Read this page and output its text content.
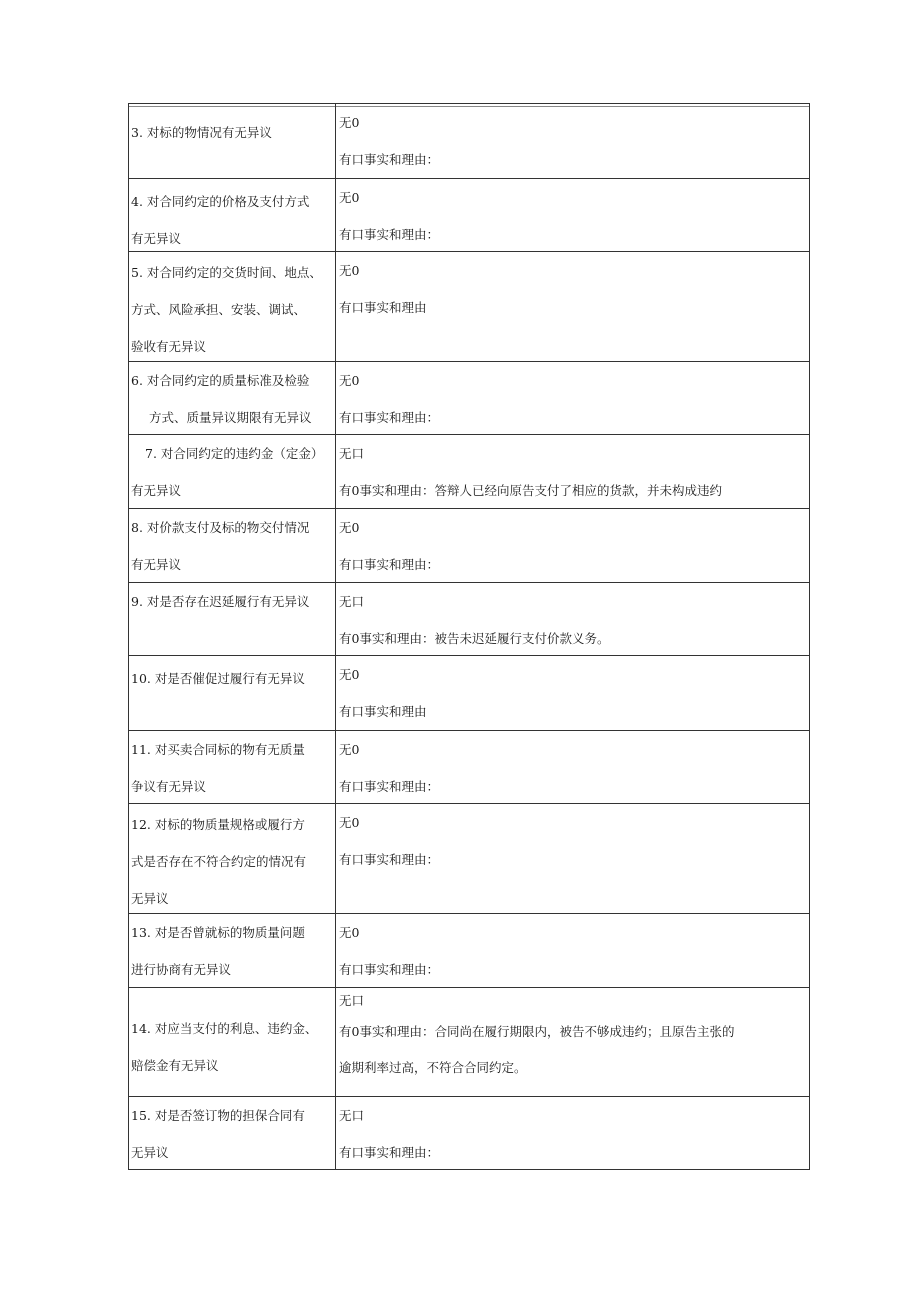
3. 对标的物情况有无异议
无0
有口事实和理由：
4. 对合同约定的价格及支付方式
有无异议
无0
有口事实和理由：
5. 对合同约定的交货时间、地点、
方式、风险承担、安装、调试、
验收有无异议
无0
有口事实和理由
6. 对合同约定的质量标准及检验
方式、质量异议期限有无异议
无0
有口事实和理由：
7. 对合同约定的违约金（定金）
有无异议
无口
有0事实和理由：答辩人已经向原告支付了相应的货款，并未构成违约
8. 对价款支付及标的物交付情况
有无异议
无0
有口事实和理由：
9. 对是否存在迟延履行有无异议	无口
有0事实和理由：被告未迟延履行支付价款义务。
10. 对是否催促过履行有无异议	无0
有口事实和理由
11. 对买卖合同标的物有无质量
争议有无异议
无0
有口事实和理由：
12. 对标的物质量规格或履行方
式是否存在不符合约定的情况有
无异议
无0
有口事实和理由：
13. 对是否曾就标的物质量问题
进行协商有无异议
无0
有口事实和理由：
14. 对应当支付的利息、违约金、
赔偿金有无异议
无口
有0事实和理由：合同尚在履行期限内，被告不够成违约；且原告主张的
逾期利率过高，不符合合同约定。
15. 对是否签订物的担保合同有
无异议
无口
有口事实和理由：
